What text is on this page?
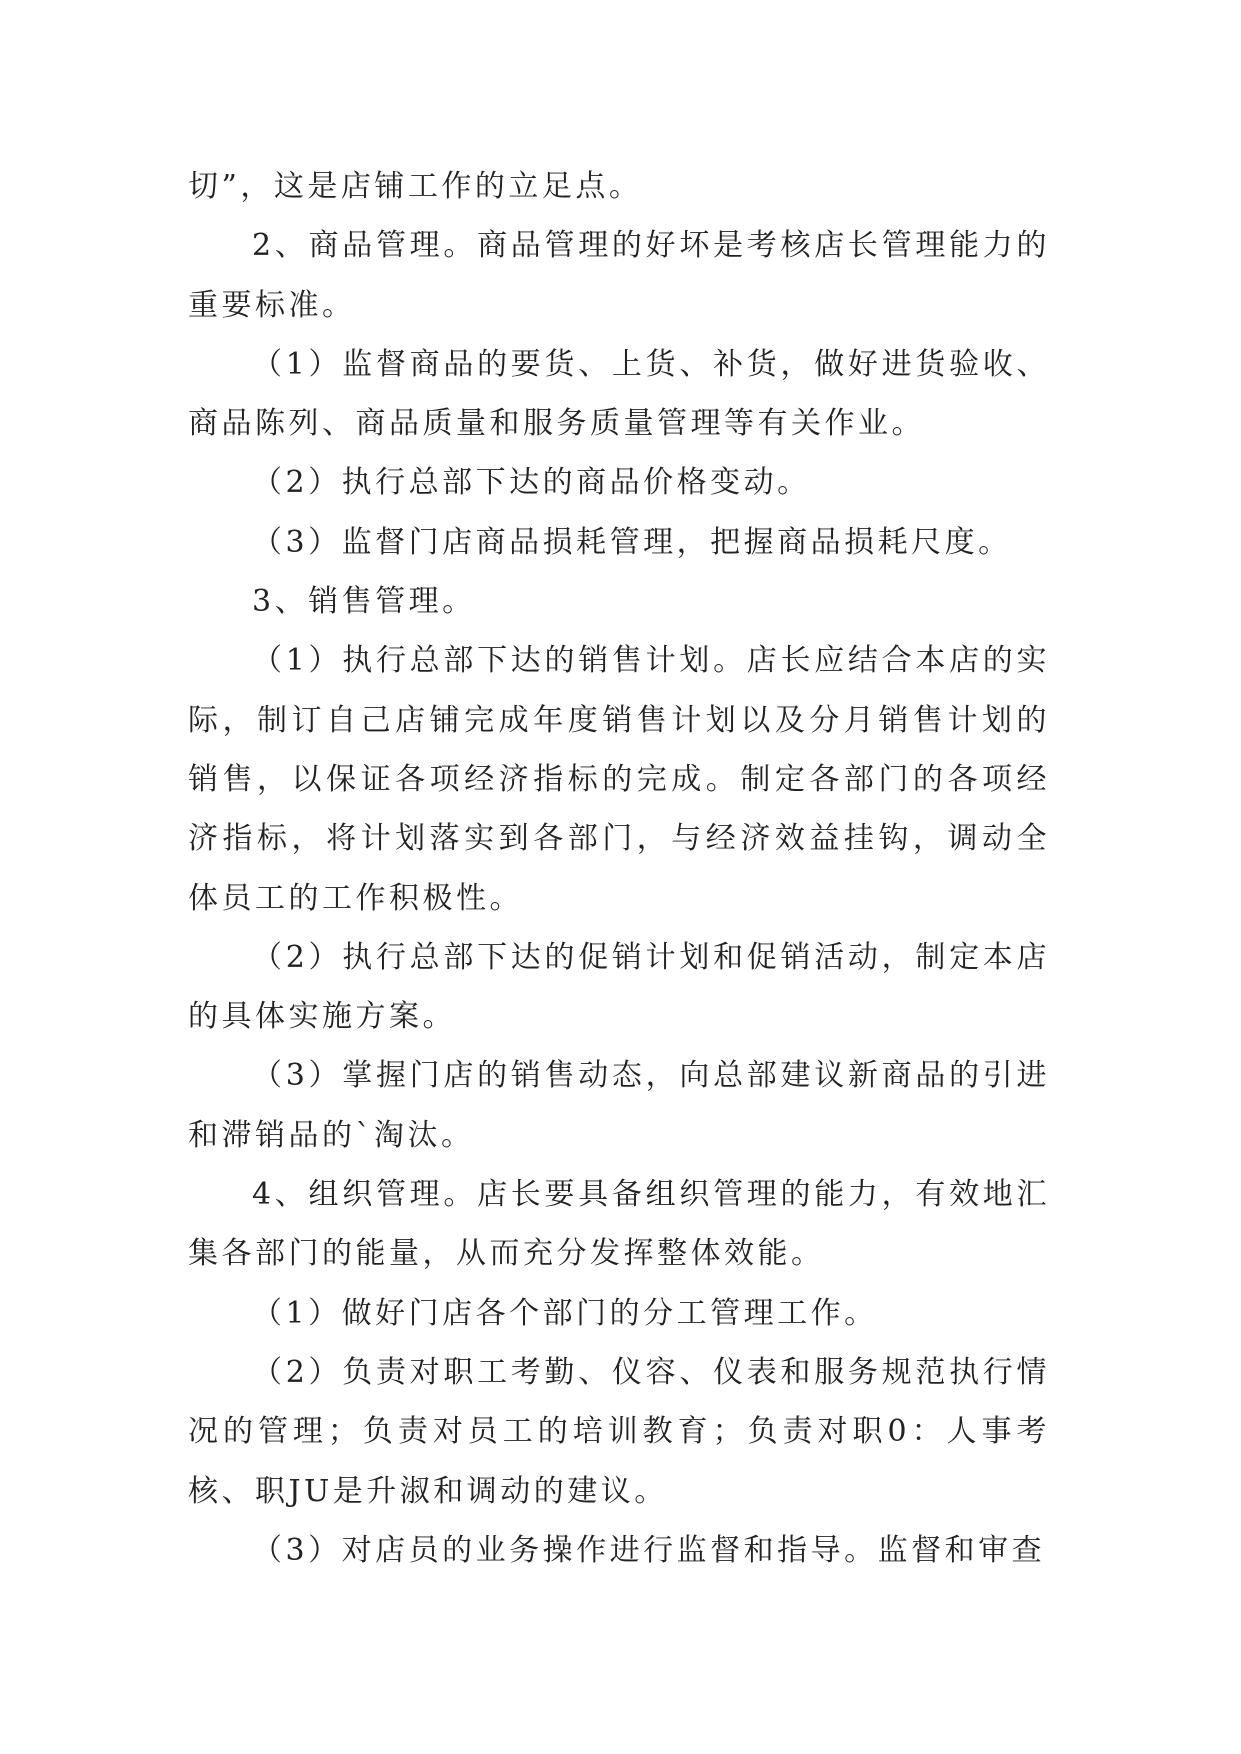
切”，这是店铺工作的立足点。

2、商品管理。商品管理的好坏是考核店长管理能力的重要标准。

（1）监督商品的要货、上货、补货，做好进货验收、商品陈列、商品质量和服务质量管理等有关作业。

（2）执行总部下达的商品价格变动。

（3）监督门店商品损耗管理，把握商品损耗尺度。

3、销售管理。

（1）执行总部下达的销售计划。店长应结合本店的实际，制订自己店铺完成年度销售计划以及分月销售计划的销售，以保证各项经济指标的完成。制定各部门的各项经济指标，将计划落实到各部门，与经济效益挂钩，调动全体员工的工作积极性。

（2）执行总部下达的促销计划和促销活动，制定本店的具体实施方案。

（3）掌握门店的销售动态，向总部建议新商品的引进和滞销品的`淘汰。

4、组织管理。店长要具备组织管理的能力，有效地汇集各部门的能量，从而充分发挥整体效能。

（1）做好门店各个部门的分工管理工作。

（2）负责对职工考勤、仪容、仪表和服务规范执行情况的管理；负责对员工的培训教育；负责对职0：人事考核、职JU是升淑和调动的建议。

（3）对店员的业务操作进行监督和指导。监督和审查
